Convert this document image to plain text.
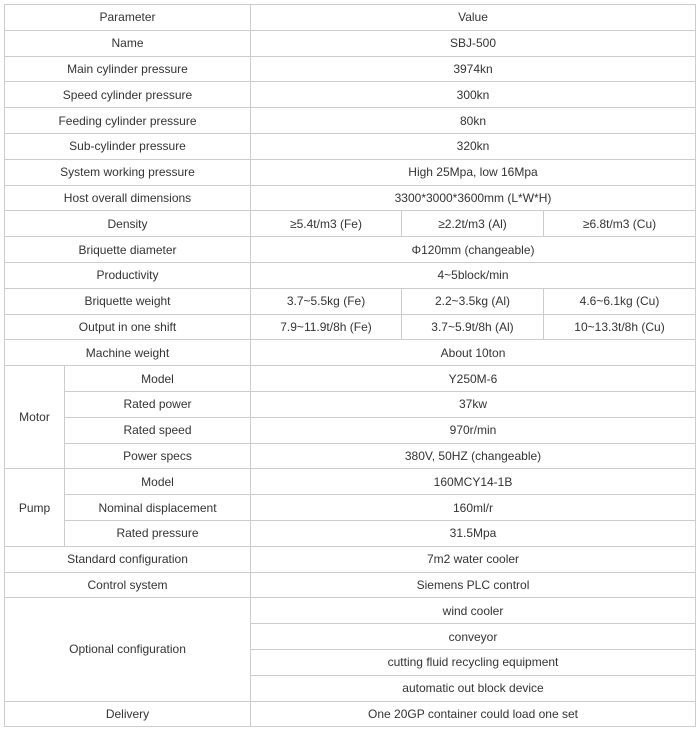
Parameter		Value		
Name		SBJ-500		
Main cylinder pressure		3974kn		
Speed cylinder pressure		300kn		
Feeding cylinder pressure		80kn		
Sub-cylinder pressure		320kn		
System working pressure		High 25Mpa, low 16Mpa		
Host overall dimensions		3300*3000*3600mm (L*W*H)		
Density		≥5.4t/m3 (Fe)	≥2.2t/m3 (Al)	≥6.8t/m3 (Cu)
Briquette diameter		Φ120mm (changeable)		
Productivity		4~5block/min		
Briquette weight		3.7~5.5kg (Fe)	2.2~3.5kg (Al)	4.6~6.1kg (Cu)
Output in one shift		7.9~11.9t/8h (Fe)	3.7~5.9t/8h (Al)	10~13.3t/8h (Cu)
Machine weight		About 10ton		
Motor	Model	Y250M-6		
	Rated power	37kw		
	Rated speed	970r/min		
	Power specs	380V, 50HZ (changeable)		
Pump	Model	160MCY14-1B		
	Nominal displacement	160ml/r		
	Rated pressure	31.5Mpa		
Standard configuration		7m2 water cooler		
Control system		Siemens PLC control		
Optional configuration		wind cooler		
		conveyor		
		cutting fluid recycling equipment		
		automatic out block device		
Delivery		One 20GP container could load one set		
